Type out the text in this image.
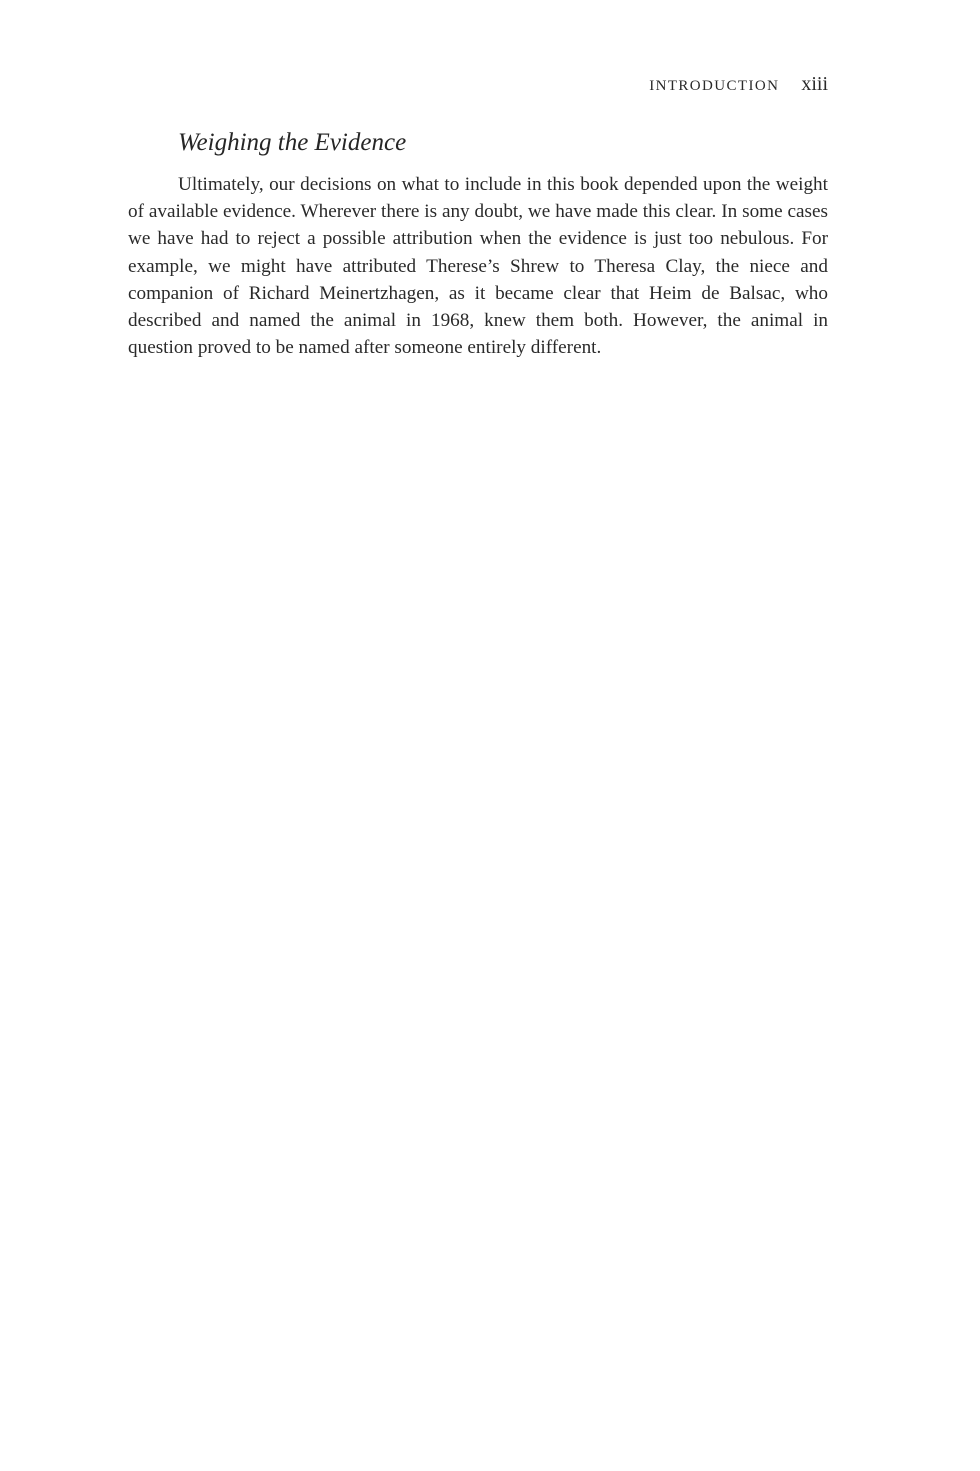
introduction xiii
Weighing the Evidence

Ultimately, our decisions on what to include in this book depended upon the weight of available evidence. Wherever there is any doubt, we have made this clear. In some cases we have had to reject a possible attribution when the evidence is just too nebulous. For example, we might have attributed Therese’s Shrew to Theresa Clay, the niece and companion of Richard Meinertzhagen, as it became clear that Heim de Balsac, who described and named the animal in 1968, knew them both. However, the animal in question proved to be named after someone entirely different.
